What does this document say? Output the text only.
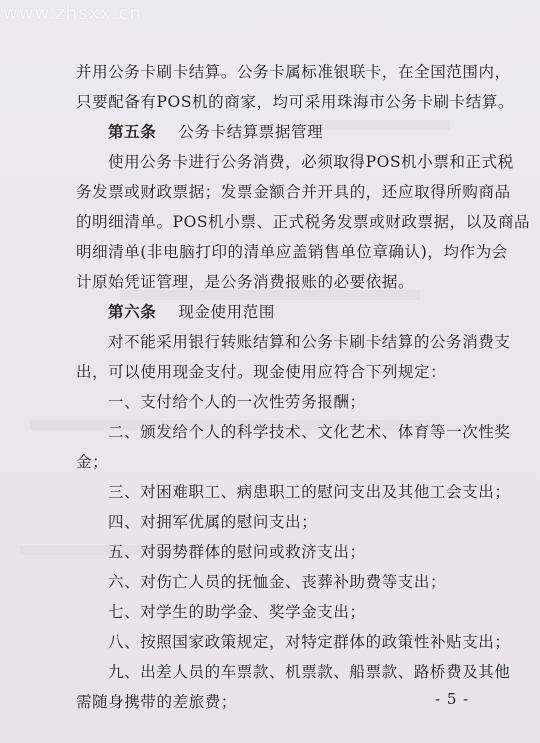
www.zhsxx.cn
- 5 -
并用公务卡刷卡结算。公务卡属标准银联卡，在全国范围内，
只要配备有POS机的商家，均可采用珠海市公务卡刷卡结算。
第五条 公务卡结算票据管理
使用公务卡进行公务消费，必须取得POS机小票和正式税
务发票或财政票据；发票金额合并开具的，还应取得所购商品
的明细清单。POS机小票、正式税务发票或财政票据，以及商品
明细清单(非电脑打印的清单应盖销售单位章确认)，均作为会
计原始凭证管理，是公务消费报账的必要依据。
第六条 现金使用范围
对不能采用银行转账结算和公务卡刷卡结算的公务消费支
出，可以使用现金支付。现金使用应符合下列规定：
一、支付给个人的一次性劳务报酬；
二、颁发给个人的科学技术、文化艺术、体育等一次性奖
金；
三、对困难职工、病患职工的慰问支出及其他工会支出；
四、对拥军优属的慰问支出；
五、对弱势群体的慰问或救济支出；
六、对伤亡人员的抚恤金、丧葬补助费等支出；
七、对学生的助学金、奖学金支出；
八、按照国家政策规定，对特定群体的政策性补贴支出；
九、出差人员的车票款、机票款、船票款、路桥费及其他
需随身携带的差旅费；
